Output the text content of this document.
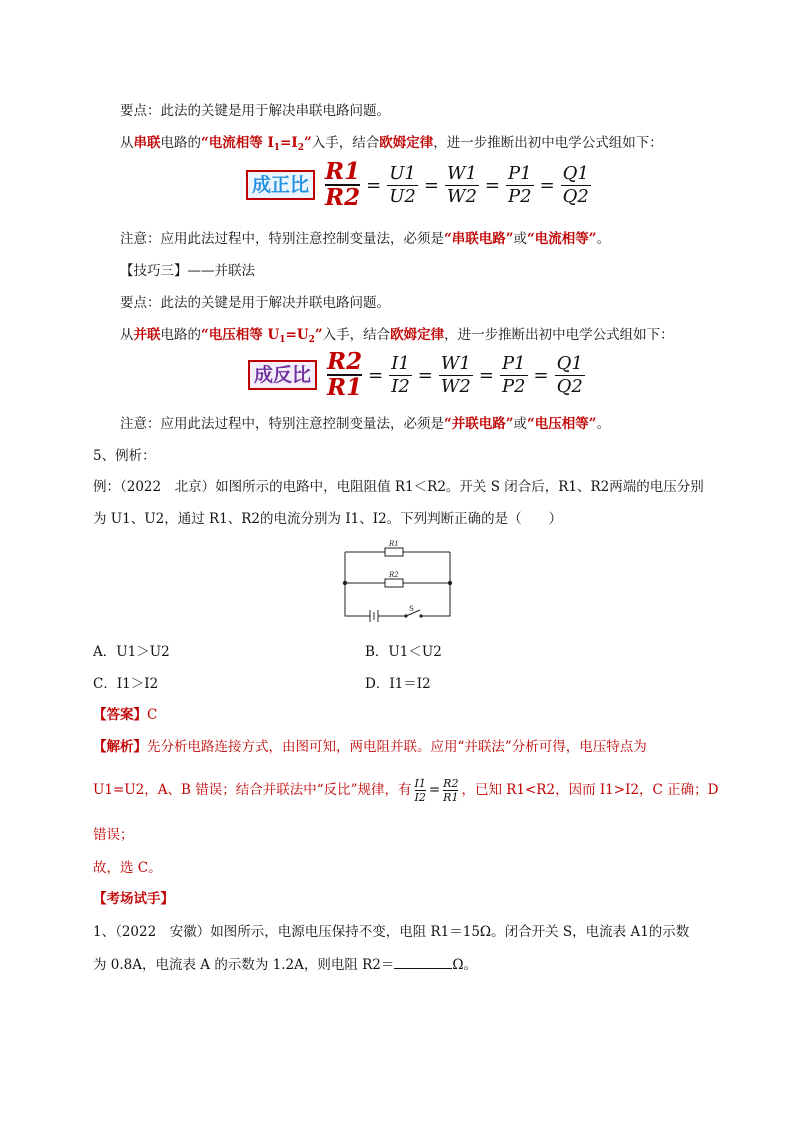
要点：此法的关键是用于解决串联电路问题。
从串联电路的“电流相等 $I_1=I_2$”入手，结合欧姆定律，进一步推断出初中电学公式组如下：
成正比 R1
$R2 = \frac{U1}{U2} = \frac{W1}{W2} = \frac{P1}{P2} = \frac{Q1}{Q2}$
注意：应用此法过程中，特别注意控制变量法，必须是“串联电路”或“电流相等”。
【技巧三】——并联法
要点：此法的关键是用于解决并联电路问题。
从并联电路的“电压相等 $U_1=U_2$”入手，结合欧姆定律，进一步推断出初中电学公式组如下：
成反比 R2
$R1 = \frac{I1}{I2} = \frac{W1}{W2} = \frac{P1}{P2} = \frac{Q1}{Q2}$
注意：应用此法过程中，特别注意控制变量法，必须是“并联电路”或“电压相等”。
5、例析：
例：（2022　北京）如图所示的电路中，电阻阻值 R1＜R2。开关 S 闭合后，R1、R2两端的电压分别
为 U1、U2，通过 R1、R2的电流分别为 I1、I2。下列判断正确的是（　　）
R1
R2
S
A．U1＞U2	B．U1＜U2
C．I1＞I2	D．I1＝I2
【答案】C
【解析】先分析电路连接方式，由图可知，两电阻并联。应用“并联法”分析可得，电压特点为
U1=U2，A、B 错误；结合并联法中“反比”规律，有 $\frac{I1}{I2} = \frac{R2}{R1}$ ，已知 R1<R2，因而 I1>I2，C 正确；D
错误；
故，选 C。
【考场试手】
1、（2022　安徽）如图所示，电源电压保持不变，电阻 R1＝15Ω。闭合开关 S，电流表 A1的示数
为 0.8A，电流表 A 的示数为 1.2A，则电阻 R2＝	Ω。
